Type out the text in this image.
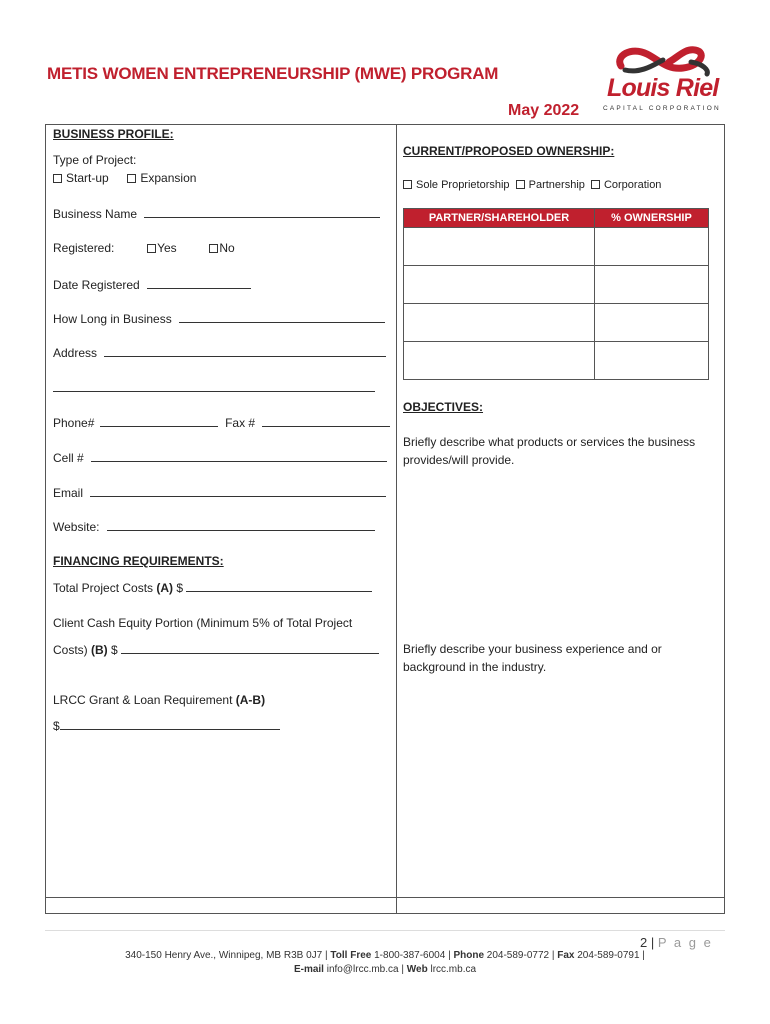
METIS WOMEN ENTREPRENEURSHIP (MWE) PROGRAM
May 2022
Louis Riel
CAPITAL CORPORATION
BUSINESS PROFILE:
Type of Project:
Start-up	Expansion
Business Name
Registered:	Yes	No
Date Registered
How Long in Business
Address
Phone#	Fax #
Cell #
Email
Website:
FINANCING REQUIREMENTS:
Total Project Costs (A) $
Client Cash Equity Portion (Minimum 5% of Total Project
Costs) (B) $
LRCC Grant & Loan Requirement (A-B)
$
CURRENT/PROPOSED OWNERSHIP:
Sole Proprietorship Partnership Corporation
PARTNER/SHAREHOLDER	% OWNERSHIP

OBJECTIVES:
Briefly describe what products or services the business
provides/will provide.
Briefly describe your business experience and or
background in the industry.
2 | P a g e
340-150 Henry Ave., Winnipeg, MB R3B 0J7 | Toll Free 1-800-387-6004 | Phone 204-589-0772 | Fax 204-589-0791 |
E-mail info@lrcc.mb.ca | Web lrcc.mb.ca
